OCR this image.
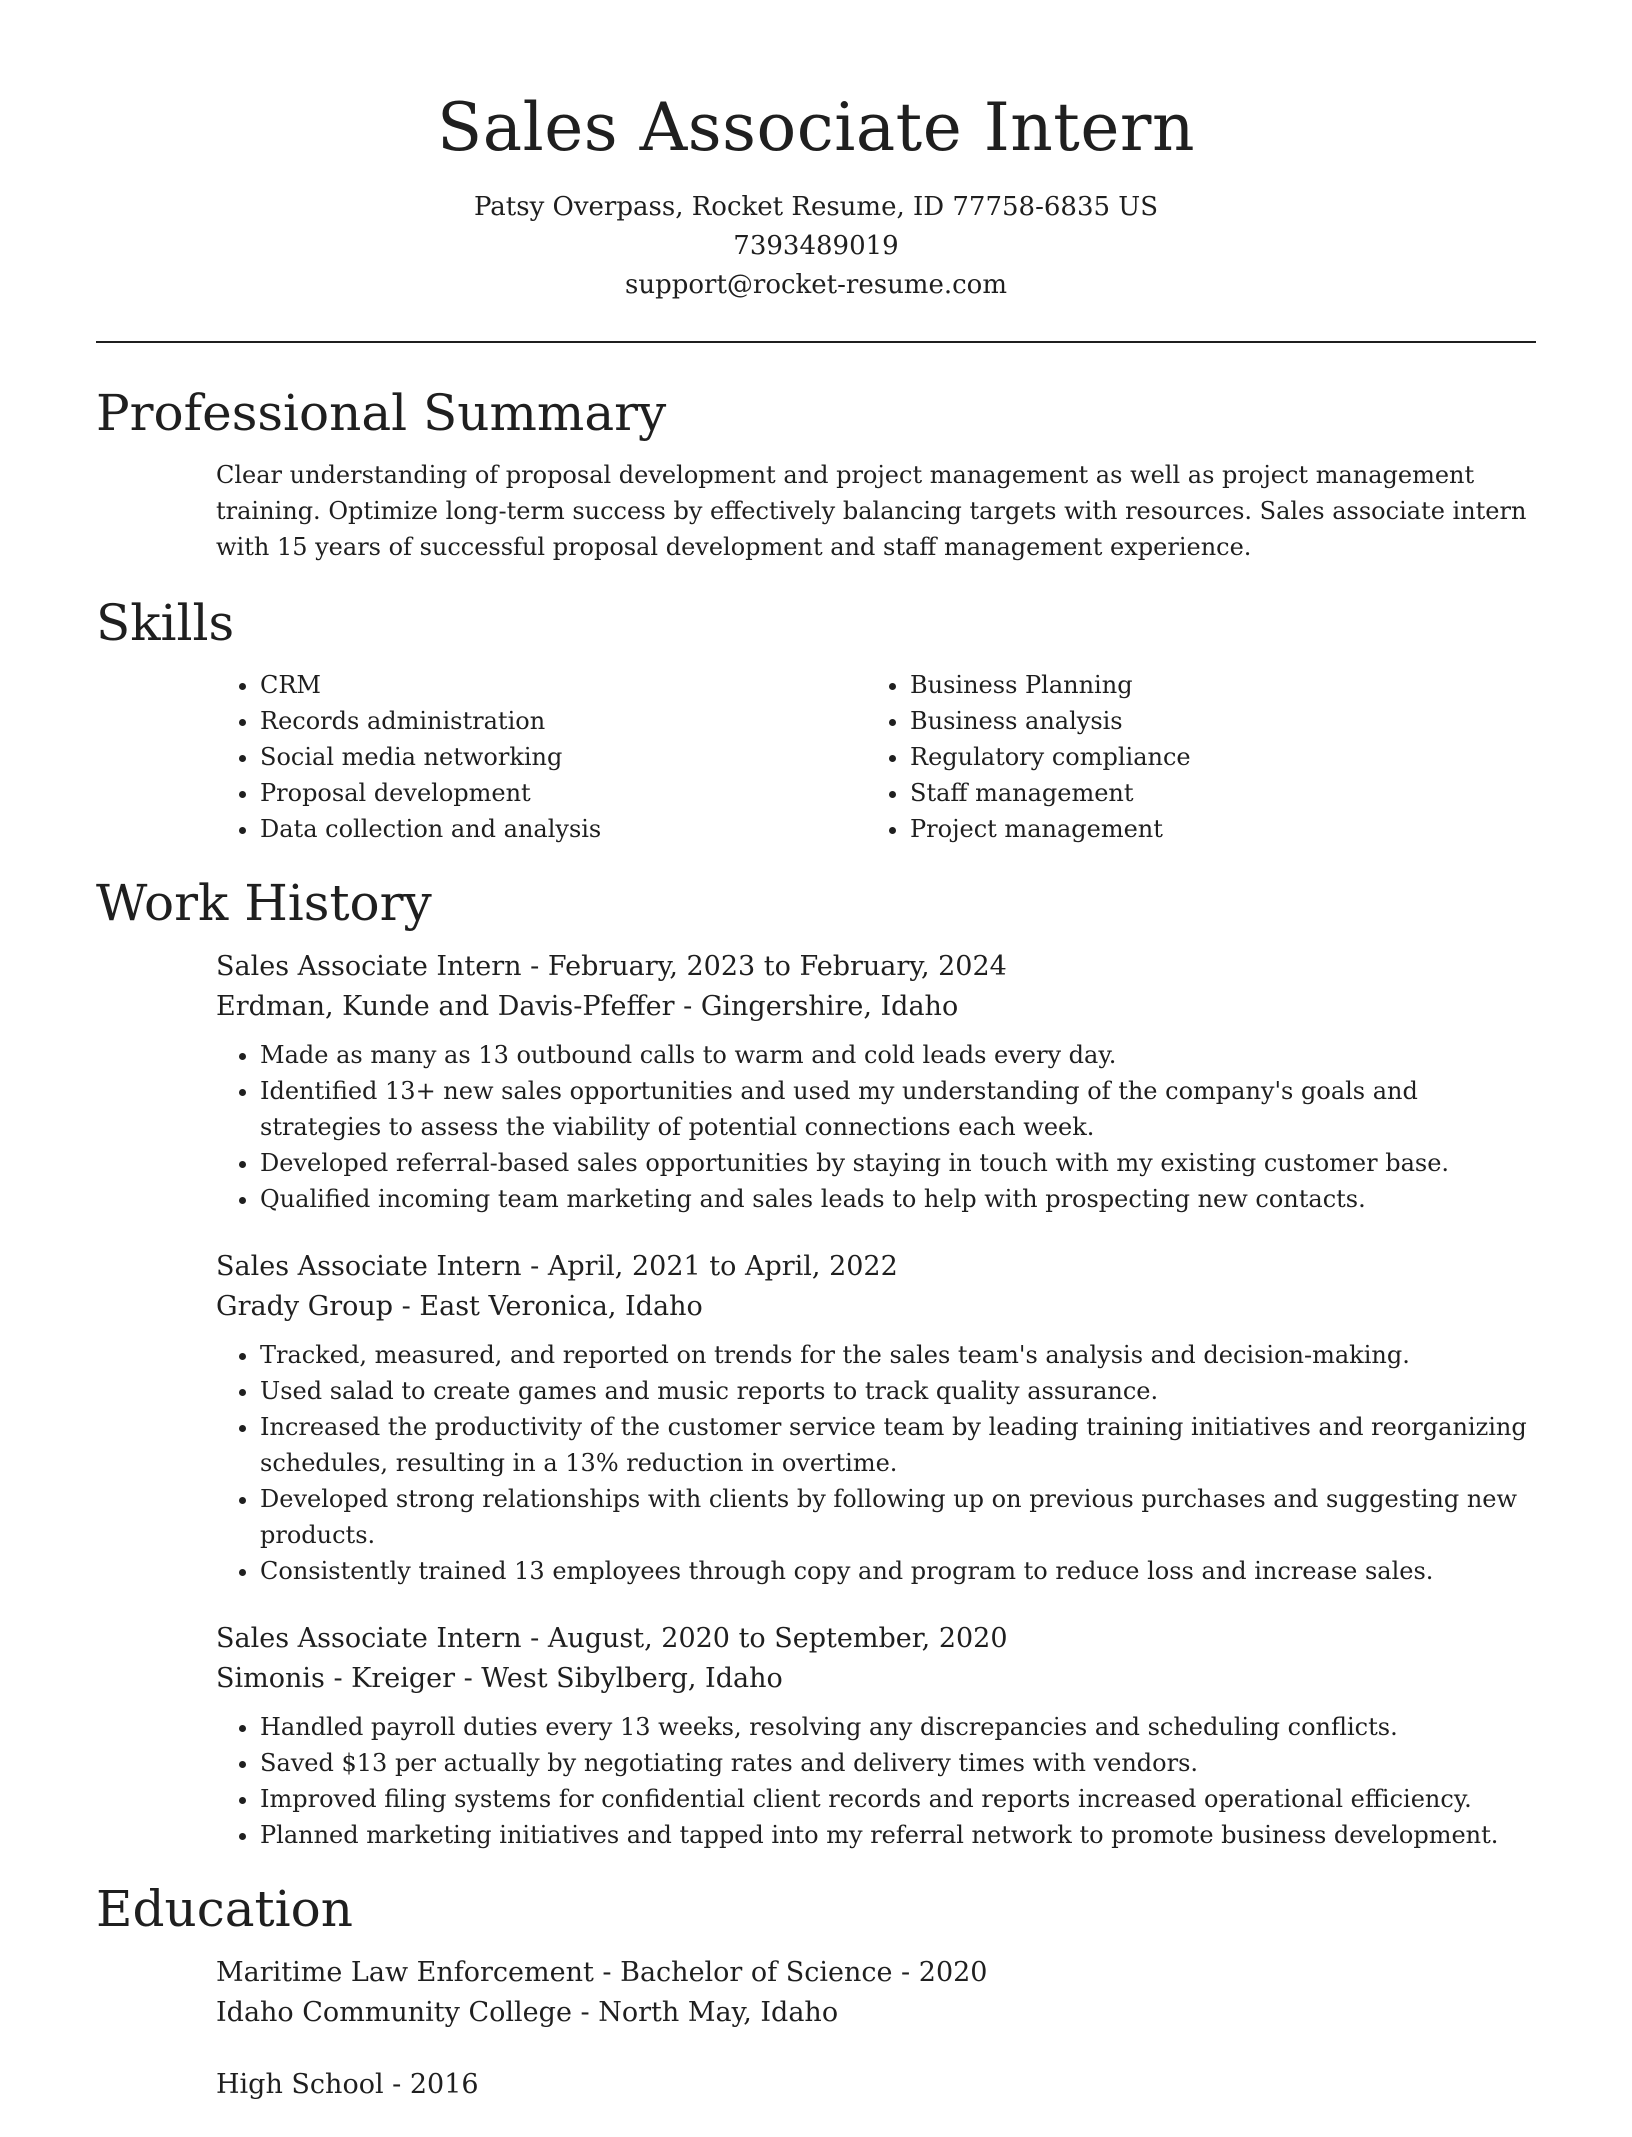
Sales Associate Intern

Patsy Overpass, Rocket Resume, ID 77758-6835 US

7393489019

support@rocket-resume.com

Professional Summary

Clear understanding of proposal development and project management as well as project management training. Optimize long-term success by effectively balancing targets with resources. Sales associate intern with 15 years of successful proposal development and staff management experience.

Skills
• CRM
• Records administration
• Social media networking
• Proposal development
• Data collection and analysis
• Business Planning
• Business analysis
• Regulatory compliance
• Staff management
• Project management
Work History

Sales Associate Intern - February, 2023 to February, 2024

Erdman, Kunde and Davis-Pfeffer - Gingershire, Idaho

• Made as many as 13 outbound calls to warm and cold leads every day.
• Identified 13+ new sales opportunities and used my understanding of the company's goals and strategies to assess the viability of potential connections each week.
• Developed referral-based sales opportunities by staying in touch with my existing customer base.
• Qualified incoming team marketing and sales leads to help with prospecting new contacts.

Sales Associate Intern - April, 2021 to April, 2022

Grady Group - East Veronica, Idaho

• Tracked, measured, and reported on trends for the sales team's analysis and decision-making.
• Used salad to create games and music reports to track quality assurance.
• Increased the productivity of the customer service team by leading training initiatives and reorganizing schedules, resulting in a 13% reduction in overtime.
• Developed strong relationships with clients by following up on previous purchases and suggesting new products.
• Consistently trained 13 employees through copy and program to reduce loss and increase sales.

Sales Associate Intern - August, 2020 to September, 2020

Simonis - Kreiger - West Sibylberg, Idaho

• Handled payroll duties every 13 weeks, resolving any discrepancies and scheduling conflicts.
• Saved $13 per actually by negotiating rates and delivery times with vendors.
• Improved filing systems for confidential client records and reports increased operational efficiency.
• Planned marketing initiatives and tapped into my referral network to promote business development.
Education

Maritime Law Enforcement - Bachelor of Science - 2020

Idaho Community College - North May, Idaho

High School - 2016
